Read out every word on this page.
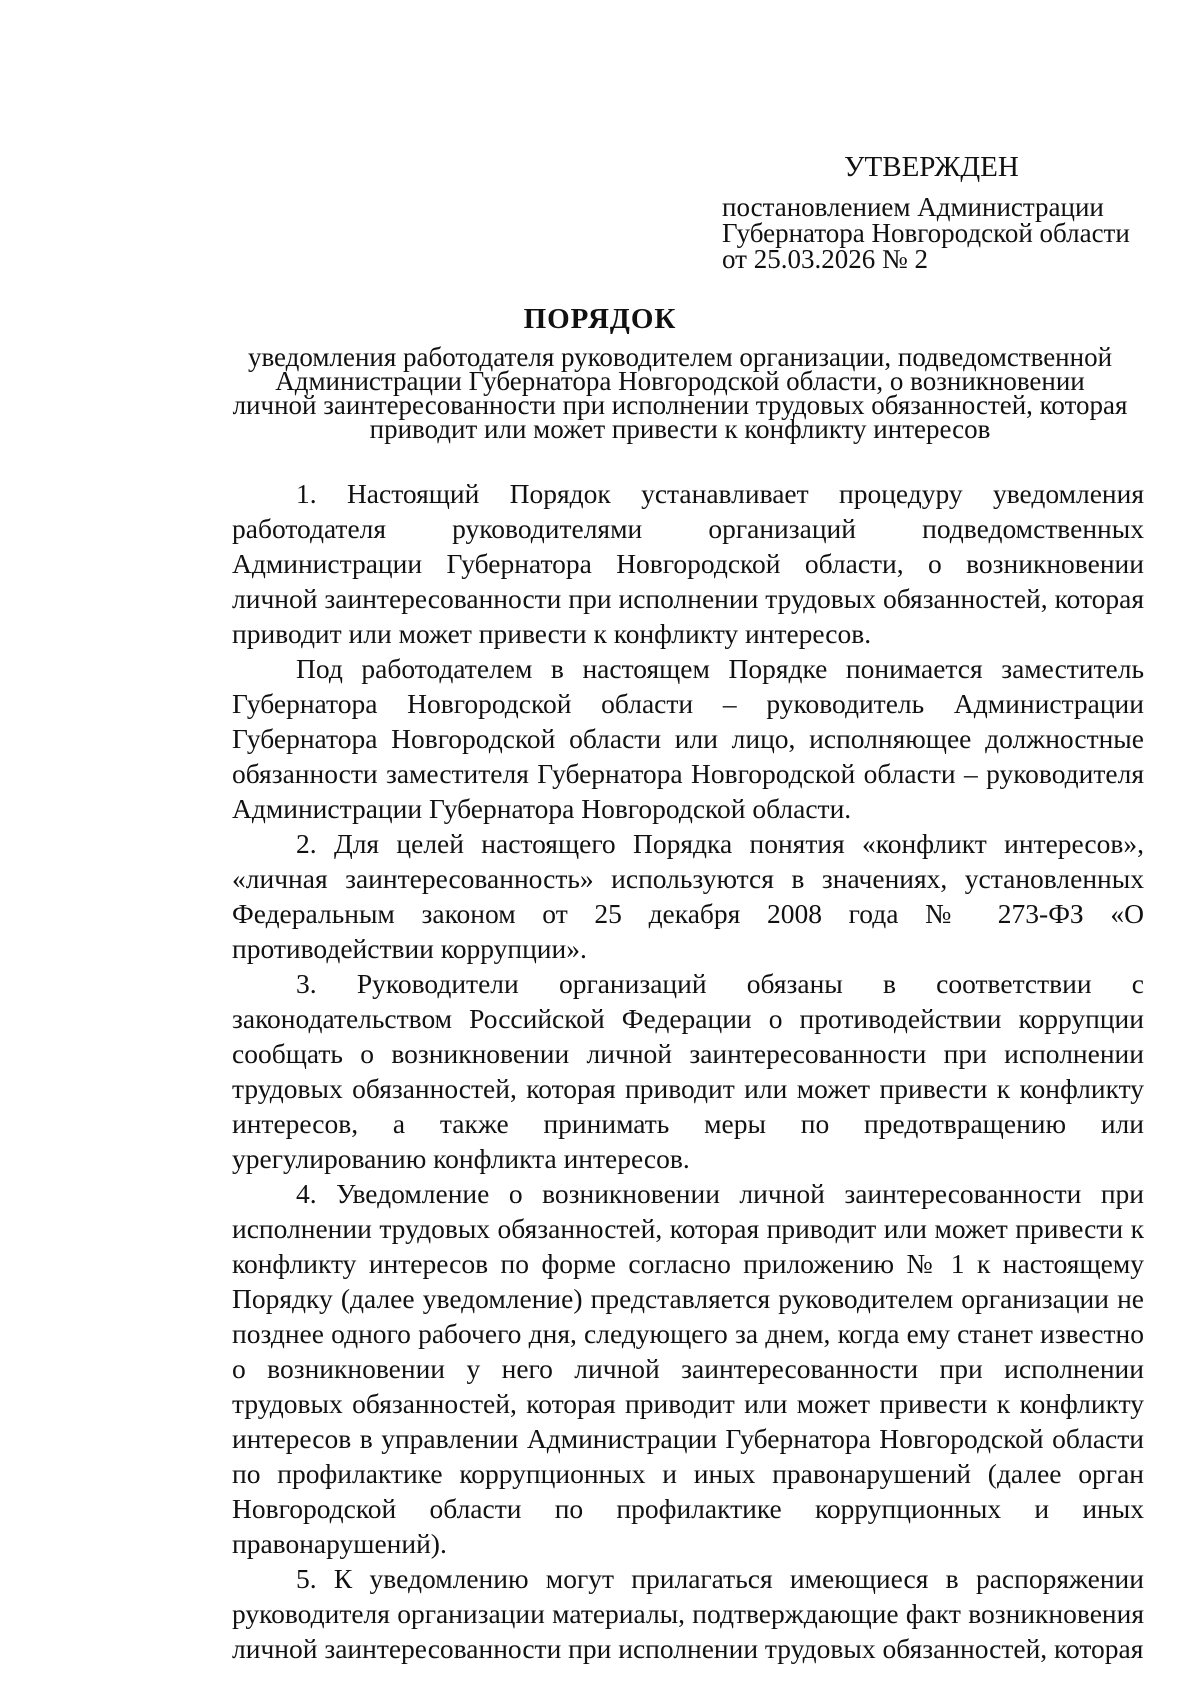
УТВЕРЖДЕН
постановлением Администрации
Губернатора Новгородской области
от 25.03.2026 № 2
ПОРЯДОК
уведомления работодателя руководителем организации, подведомственной
Администрации Губернатора Новгородской области, о возникновении
личной заинтересованности при исполнении трудовых обязанностей, которая
приводит или может привести к конфликту интересов

1. Настоящий Порядок устанавливает процедуру уведомления работодателя руководителями организаций подведомственных Администрации Губернатора Новгородской области, о возникновении личной заинтересованности при исполнении трудовых обязанностей, которая приводит или может привести к конфликту интересов.

Под работодателем в настоящем Порядке понимается заместитель Губернатора Новгородской области – руководитель Администрации Губернатора Новгородской области или лицо, исполняющее должностные обязанности заместителя Губернатора Новгородской области – руководителя Администрации Губернатора Новгородской области.

2. Для целей настоящего Порядка понятия «конфликт интересов», «личная заинтересованность» используются в значениях, установленных Федеральным законом от 25 декабря 2008 года № 273-ФЗ «О противодействии коррупции».

3. Руководители организаций обязаны в соответствии с законодательством Российской Федерации о противодействии коррупции сообщать о возникновении личной заинтересованности при исполнении трудовых обязанностей, которая приводит или может привести к конфликту интересов, а также принимать меры по предотвращению или урегулированию конфликта интересов.

4. Уведомление о возникновении личной заинтересованности при исполнении трудовых обязанностей, которая приводит или может привести к конфликту интересов по форме согласно приложению № 1 к настоящему Порядку (далее уведомление) представляется руководителем организации не позднее одного рабочего дня, следующего за днем, когда ему станет известно о возникновении у него личной заинтересованности при исполнении трудовых обязанностей, которая приводит или может привести к конфликту интересов в управлении Администрации Губернатора Новгородской области по профилактике коррупционных и иных правонарушений (далее орган Новгородской области по профилактике коррупционных и иных правонарушений).

5. К уведомлению могут прилагаться имеющиеся в распоряжении руководителя организации материалы, подтверждающие факт возникновения личной заинтересованности при исполнении трудовых обязанностей, которая
